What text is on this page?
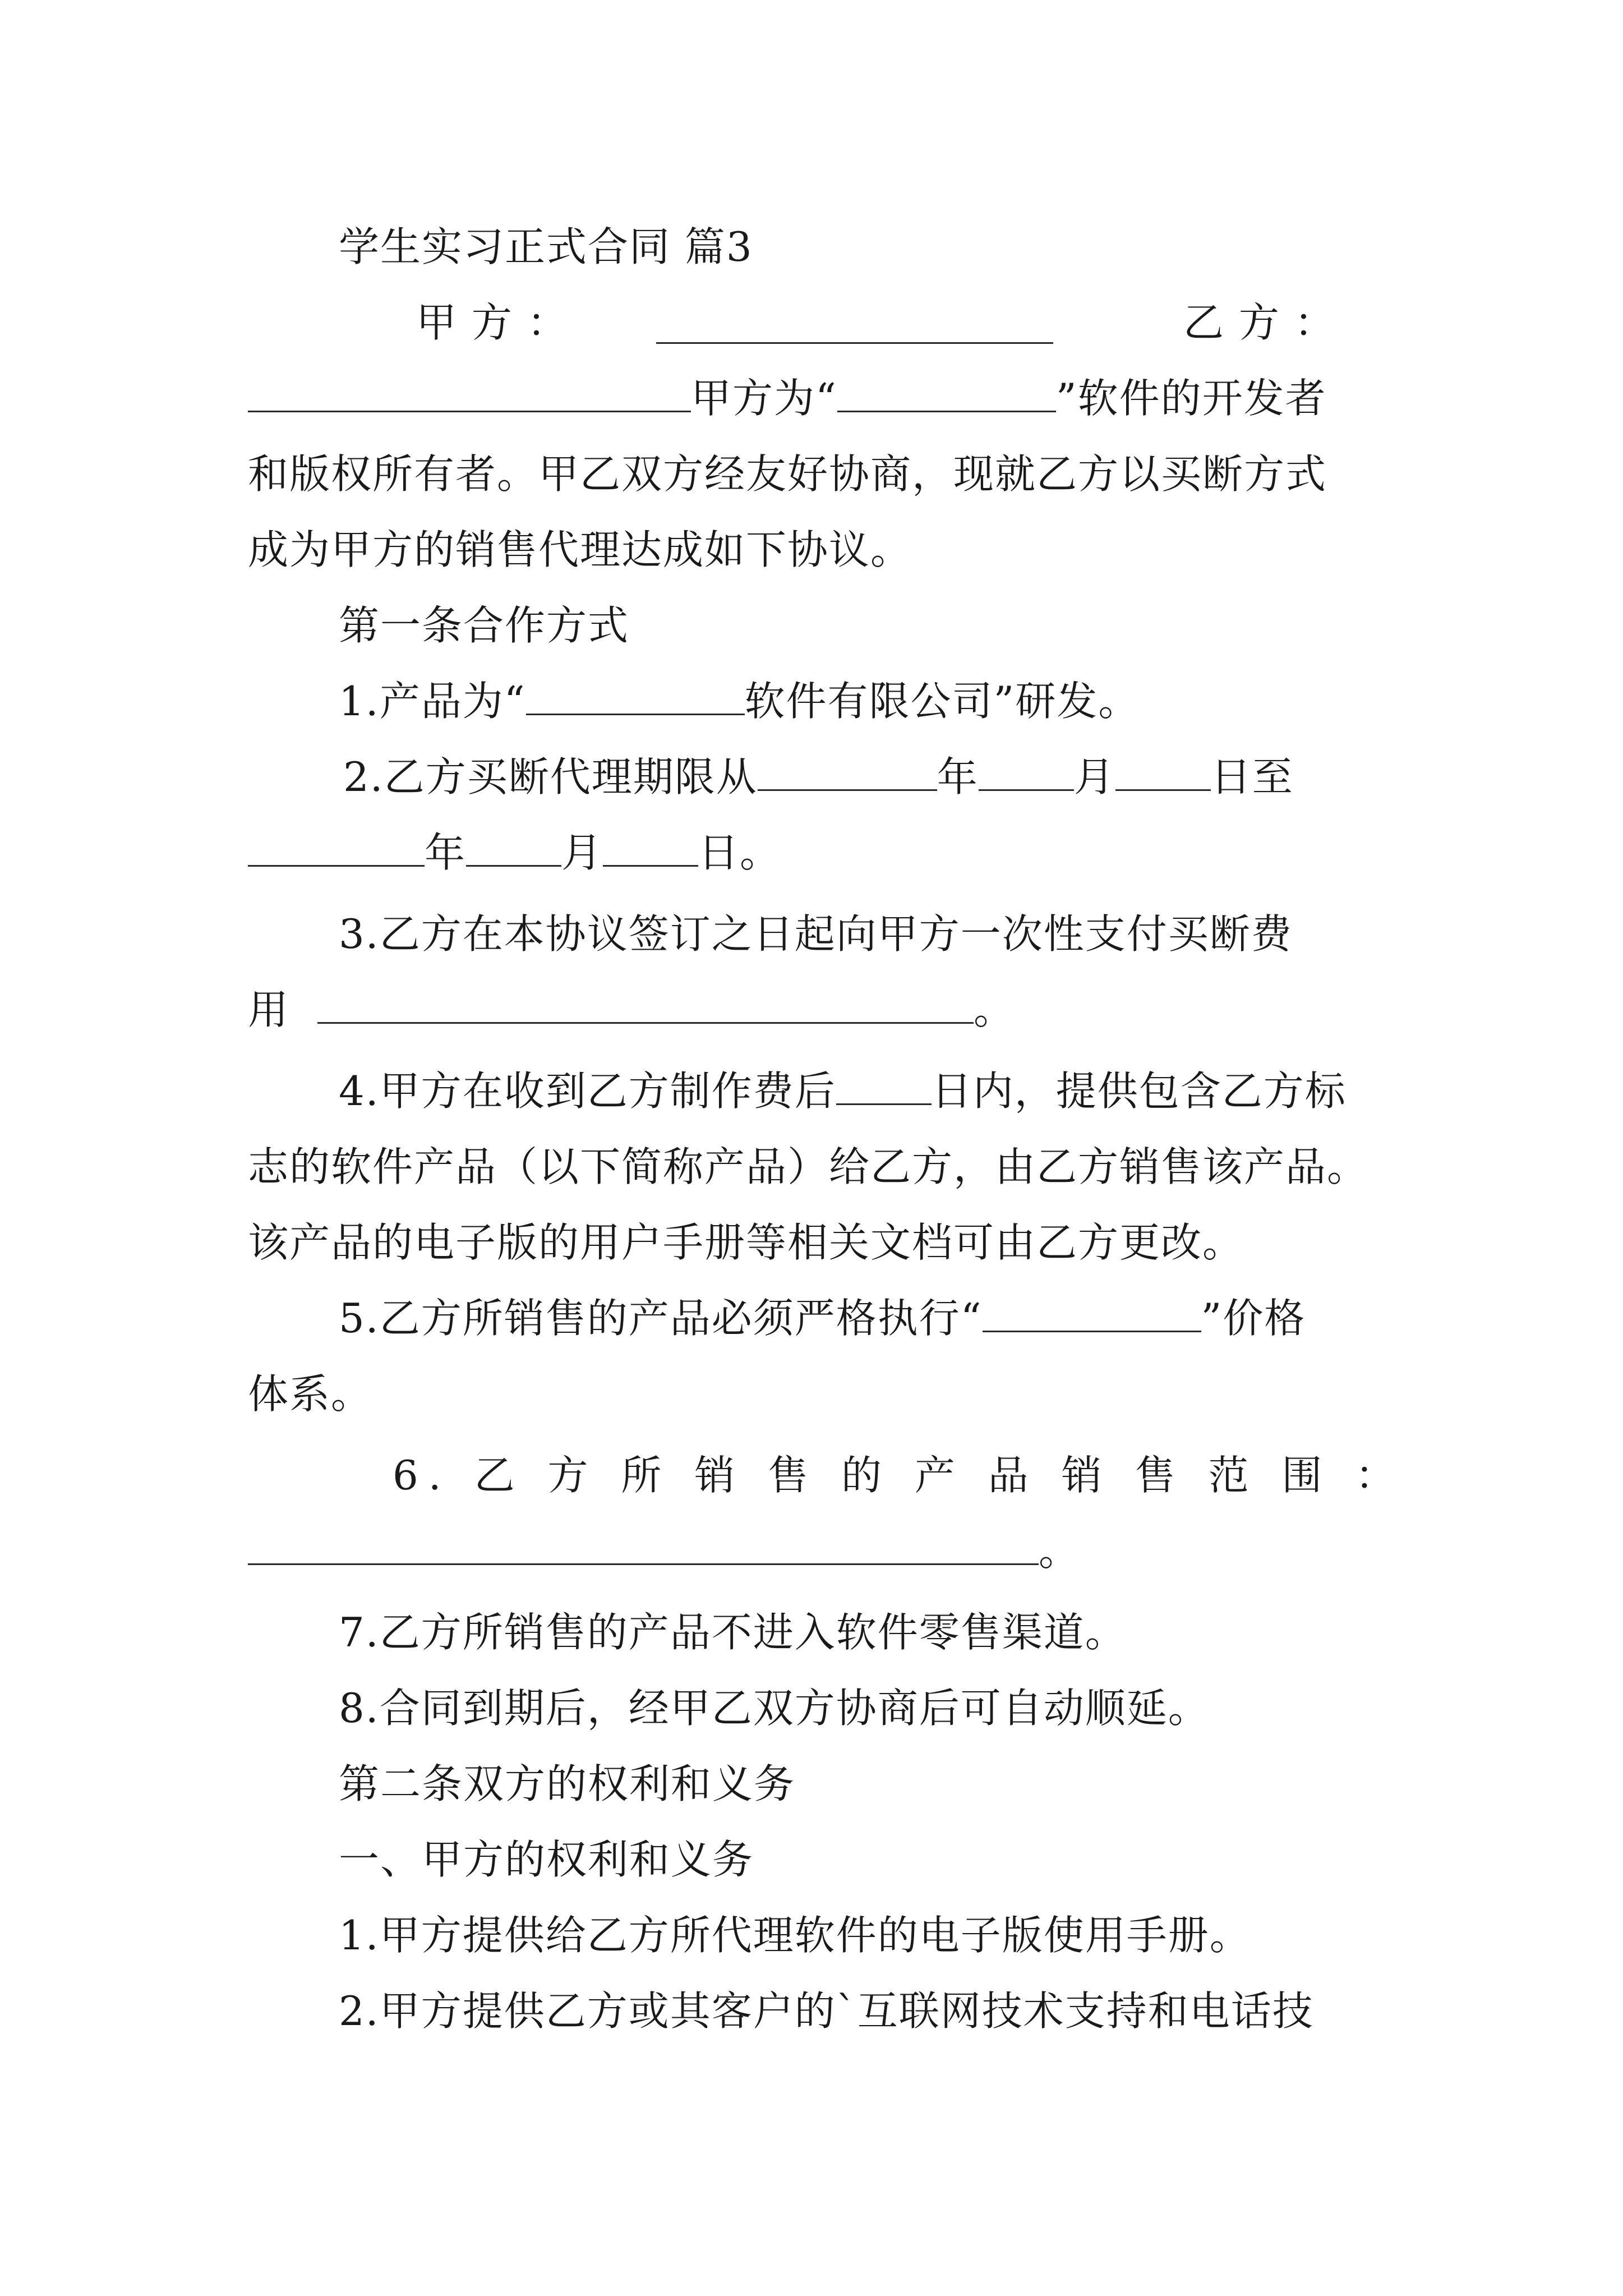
学生实习正式合同 篇3
甲 方 ：	乙 方 ：
甲方为“	”软件的开发者
和版权所有者。甲乙双方经友好协商，现就乙方以买断方式
成为甲方的销售代理达成如下协议。
第一条合作方式
1.产品为“	软件有限公司”研发。
2.乙方买断代理期限从	年 月 日至
年 月 日。
3.乙方在本协议签订之日起向甲方一次性支付买断费
用	。
4.甲方在收到乙方制作费后 日内，提供包含乙方标
志的软件产品（以下简称产品）给乙方，由乙方销售该产品。
该产品的电子版的用户手册等相关文档可由乙方更改。
5.乙方所销售的产品必须严格执行“	”价格
体系。
6. 乙 方 所 销 售 的 产 品 销 售 范 围 ：
。
7.乙方所销售的产品不进入软件零售渠道。
8.合同到期后，经甲乙双方协商后可自动顺延。
第二条双方的权利和义务
一、甲方的权利和义务
1.甲方提供给乙方所代理软件的电子版使用手册。
2.甲方提供乙方或其客户的`互联网技术支持和电话技
